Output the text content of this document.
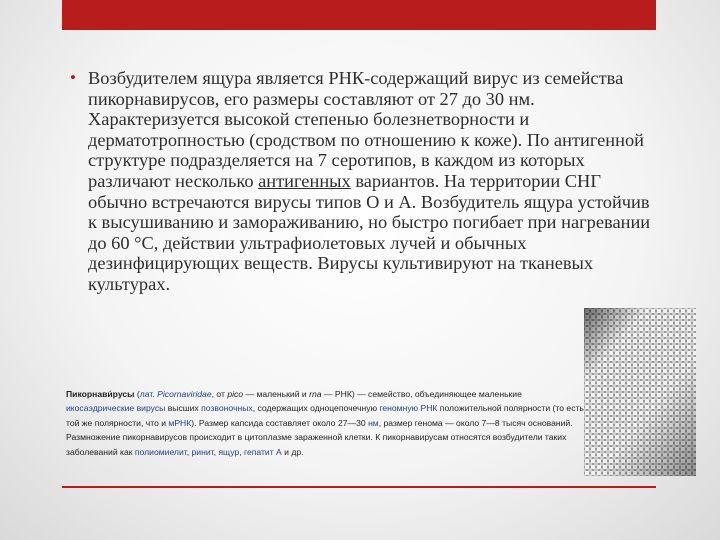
• Возбудителем ящура является РНК-содержащий вирус из семейства пикорнавирусов, его размеры составляют от 27 до 30 нм. Характеризуется высокой степенью болезнетворности и дерматотропностью (сродством по отношению к коже). По антигенной структуре подразделяется на 7 серотипов, в каждом из которых различают несколько антигенных вариантов. На территории СНГ обычно встречаются вирусы типов О и А. Возбудитель ящура устойчив к высушиванию и замораживанию, но быстро погибает при нагревании до 60 °С, действии ультрафиолетовых лучей и обычных дезинфицирующих веществ. Вирусы культивируют на тканевых культурах.
Пикорнави́русы (лат. Picornaviridae, от pico — маленький и rna — РНК) — семейство, объединяющее маленькие икосаэдрические вирусы высших позвоночных, содержащих одноцепочечную геномную РНК положительной полярности (то есть той же полярности, что и мРНК). Размер капсида составляет около 27—30 нм, размер генома — около 7—8 тысяч оснований. Размножение пикорнавирусов происходит в цитоплазме зараженной клетки. К пикорнавирусам относятся возбудители таких заболеваний как полиомиелит, ринит, ящур, гепатит А и др.
